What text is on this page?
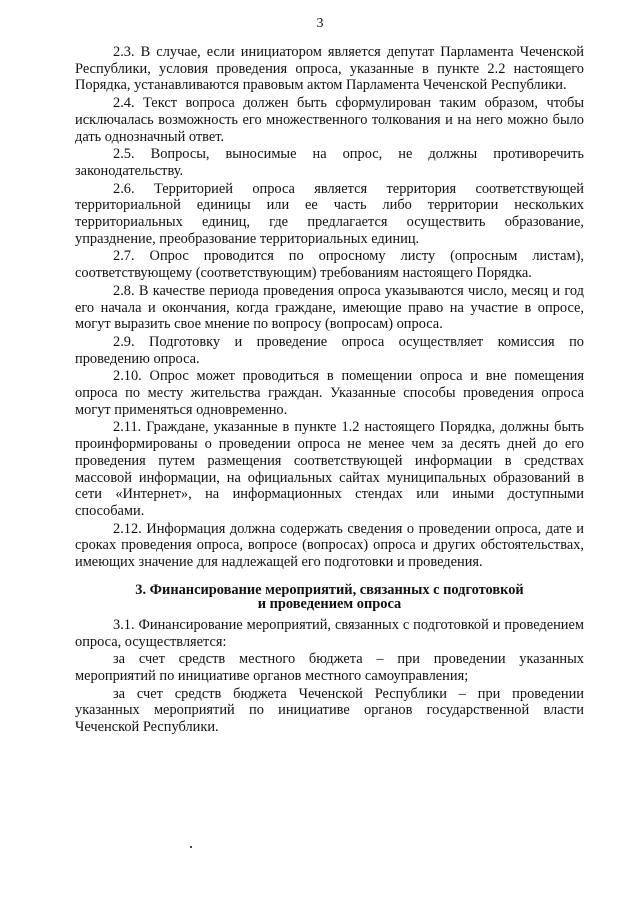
3

2.3. В случае, если инициатором является депутат Парламента Чеченской Республики, условия проведения опроса, указанные в пункте 2.2 настоящего Порядка, устанавливаются правовым актом Парламента Чеченской Республики.

2.4. Текст вопроса должен быть сформулирован таким образом, чтобы исключалась возможность его множественного толкования и на него можно было дать однозначный ответ.

2.5. Вопросы, выносимые на опрос, не должны противоречить законодательству.

2.6. Территорией опроса является территория соответствующей территориальной единицы или ее часть либо территории нескольких территориальных единиц, где предлагается осуществить образование, упразднение, преобразование территориальных единиц.

2.7. Опрос проводится по опросному листу (опросным листам), соответствующему (соответствующим) требованиям настоящего Порядка.

2.8. В качестве периода проведения опроса указываются число, месяц и год его начала и окончания, когда граждане, имеющие право на участие в опросе, могут выразить свое мнение по вопросу (вопросам) опроса.

2.9. Подготовку и проведение опроса осуществляет комиссия по проведению опроса.

2.10. Опрос может проводиться в помещении опроса и вне помещения опроса по месту жительства граждан. Указанные способы проведения опроса могут применяться одновременно.

2.11. Граждане, указанные в пункте 1.2 настоящего Порядка, должны быть проинформированы о проведении опроса не менее чем за десять дней до его проведения путем размещения соответствующей информации в средствах массовой информации, на официальных сайтах муниципальных образований в сети «Интернет», на информационных стендах или иными доступными способами.

2.12. Информация должна содержать сведения о проведении опроса, дате и сроках проведения опроса, вопросе (вопросах) опроса и других обстоятельствах, имеющих значение для надлежащей его подготовки и проведения.

3. Финансирование мероприятий, связанных с подготовкой
и проведением опроса

3.1. Финансирование мероприятий, связанных с подготовкой и проведением опроса, осуществляется:

за счет средств местного бюджета – при проведении указанных мероприятий по инициативе органов местного самоуправления;

за счет средств бюджета Чеченской Республики – при проведении указанных мероприятий по инициативе органов государственной власти Чеченской Республики.
